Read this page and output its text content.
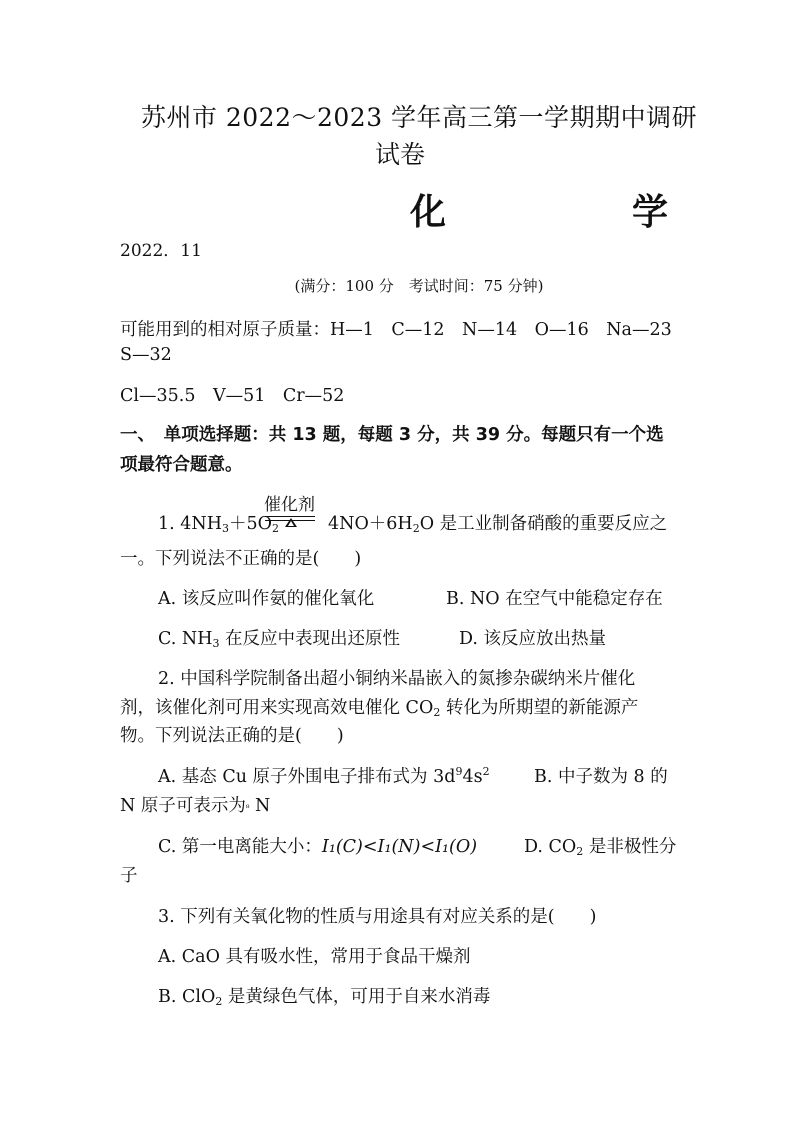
苏州市 2022～2023 学年高三第一学期期中调研
试卷
化	学
2022．11
(满分：100 分　考试时间：75 分钟)
可能用到的相对原子质量：H—1　C—12　N—14　O—16　Na—23
S—32
Cl—35.5　V—51　Cr—52
一、　单项选择题：共 13 题，每题 3 分，共 39 分。每题只有一个选
项最符合题意。
催化剂
1. $4NH_3+5O_2$	$4NO+6H_2O$ 是工业制备硝酸的重要反应之
一。下列说法不正确的是(　　)
A. 该反应叫作氨的催化氧化	B. NO 在空气中能稳定存在
C. $NH_3$ 在反应中表现出还原性	D. 该反应放出热量
2. 中国科学院制备出超小铜纳米晶嵌入的氮掺杂碳纳米片催化
剂，该催化剂可用来实现高效电催化 $CO_2$ 转化为所期望的新能源产
物。下列说法正确的是(　　)
A. 基态 Cu 原子外围电子排布式为 $3d^94s^2$	B. 中子数为 8 的
N 原子可表示为⁸ N
C. 第一电离能大小：I₁(C)<I₁(N)<I₁(O)	D. $CO_2$ 是非极性分
子
3. 下列有关氧化物的性质与用途具有对应关系的是(　　)
A. CaO 具有吸水性，常用于食品干燥剂
B. ClO$_2$ 是黄绿色气体，可用于自来水消毒
